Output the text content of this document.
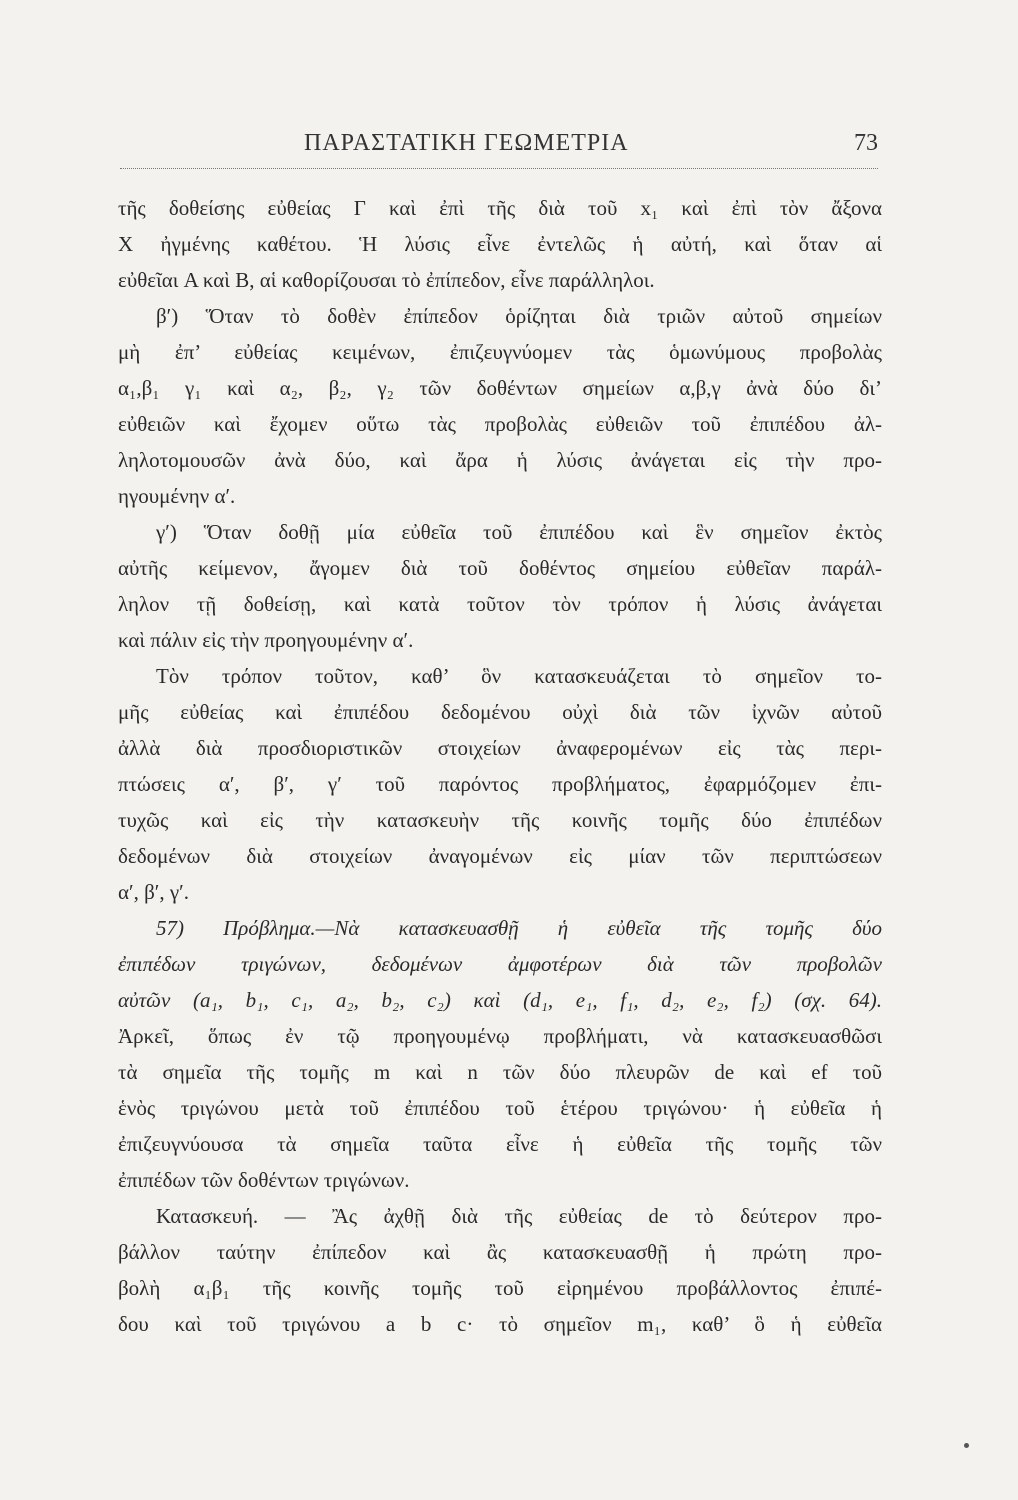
ΠΑΡΑΣΤΑΤΙΚΗ ΓΕΩΜΕΤΡΙΑ	73
τῆς δοθείσης εὐθείας Γ καὶ ἐπὶ τῆς διὰ τοῦ x₁ καὶ ἐπὶ τὸν ἄξονα
X ἠγμένης καθέτου. Ἡ λύσις εἶνε ἐντελῶς ἡ αὐτή, καὶ ὅταν αἱ
εὐθεῖαι A καὶ B, αἱ καθορίζουσαι τὸ ἐπίπεδον, εἶνε παράλληλοι.
β′) Ὅταν τὸ δοθὲν ἐπίπεδον ὁρίζηται διὰ τριῶν αὐτοῦ σημείων
μὴ ἐπ’ εὐθείας κειμένων, ἐπιζευγνύομεν τὰς ὁμωνύμους προβολὰς
α₁,β₁ γ₁ καὶ α₂, β₂, γ₂ τῶν δοθέντων σημείων α,β,γ ἀνὰ δύο δι’
εὐθειῶν καὶ ἔχομεν οὕτω τὰς προβολὰς εὐθειῶν τοῦ ἐπιπέδου ἀλ-
ληλοτομουσῶν ἀνὰ δύο, καὶ ἄρα ἡ λύσις ἀνάγεται εἰς τὴν προ-
ηγουμένην α′.
γ′) Ὅταν δοθῇ μία εὐθεῖα τοῦ ἐπιπέδου καὶ ἓν σημεῖον ἐκτὸς
αὐτῆς κείμενον, ἄγομεν διὰ τοῦ δοθέντος σημείου εὐθεῖαν παράλ-
ληλον τῇ δοθείσῃ, καὶ κατὰ τοῦτον τὸν τρόπον ἡ λύσις ἀνάγεται
καὶ πάλιν εἰς τὴν προηγουμένην α′.
Τὸν τρόπον τοῦτον, καθ’ ὃν κατασκευάζεται τὸ σημεῖον το-
μῆς εὐθείας καὶ ἐπιπέδου δεδομένου οὐχὶ διὰ τῶν ἰχνῶν αὐτοῦ
ἀλλὰ διὰ προσδιοριστικῶν στοιχείων ἀναφερομένων εἰς τὰς περι-
πτώσεις α′, β′, γ′ τοῦ παρόντος προβλήματος, ἐφαρμόζομεν ἐπι-
τυχῶς καὶ εἰς τὴν κατασκευὴν τῆς κοινῆς τομῆς δύο ἐπιπέδων
δεδομένων διὰ στοιχείων ἀναγομένων εἰς μίαν τῶν περιπτώσεων
α′, β′, γ′.
57) Πρόβλημα.—Νὰ κατασκευασθῇ ἡ εὐθεῖα τῆς τομῆς δύο
ἐπιπέδων τριγώνων, δεδομένων ἀμφοτέρων διὰ τῶν προβολῶν
αὐτῶν (a₁, b₁, c₁, a₂, b₂, c₂) καὶ (d₁, e₁, f₁, d₂, e₂, f₂) (σχ. 64).
Ἀρκεῖ, ὅπως ἐν τῷ προηγουμένῳ προβλήματι, νὰ κατασκευασθῶσι
τὰ σημεῖα τῆς τομῆς m καὶ n τῶν δύο πλευρῶν de καὶ ef τοῦ
ἑνὸς τριγώνου μετὰ τοῦ ἐπιπέδου τοῦ ἑτέρου τριγώνου· ἡ εὐθεῖα ἡ
ἐπιζευγνύουσα τὰ σημεῖα ταῦτα εἶνε ἡ εὐθεῖα τῆς τομῆς τῶν
ἐπιπέδων τῶν δοθέντων τριγώνων.
Κατασκευή. — Ἂς ἀχθῇ διὰ τῆς εὐθείας de τὸ δεύτερον προ-
βάλλον ταύτην ἐπίπεδον καὶ ἂς κατασκευασθῇ ἡ πρώτη προ-
βολὴ α₁β₁ τῆς κοινῆς τομῆς τοῦ εἰρημένου προβάλλοντος ἐπιπέ-
δου καὶ τοῦ τριγώνου a b c· τὸ σημεῖον m₁, καθ’ ὃ ἡ εὐθεῖα
